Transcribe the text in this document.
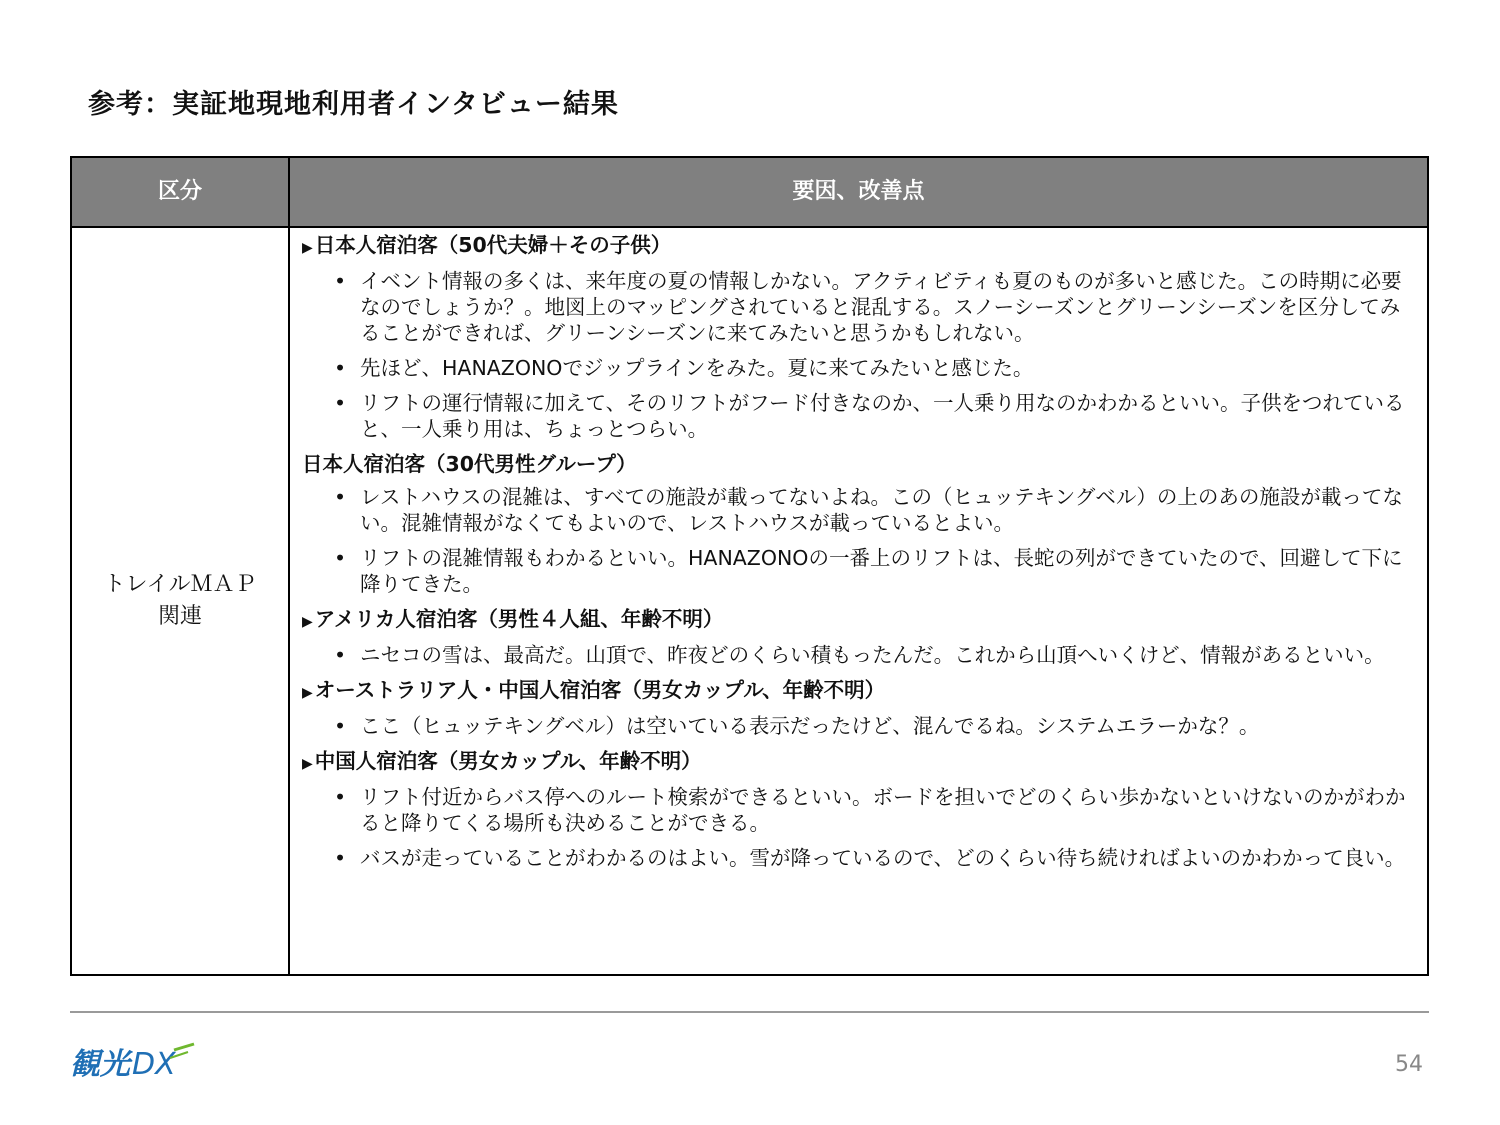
参考：実証地現地利用者インタビュー結果
区分	要因、改善点
トレイルＭＡＰ
関連
▶日本人宿泊客（50代夫婦＋その子供）
• イベント情報の多くは、来年度の夏の情報しかない。アクティビティも夏のものが多いと感じた。この時期に必要なのでしょうか？。地図上のマッピングされていると混乱する。スノーシーズンとグリーンシーズンを区分してみることができれば、グリーンシーズンに来てみたいと思うかもしれない。
• 先ほど、HANAZONOでジップラインをみた。夏に来てみたいと感じた。
• リフトの運行情報に加えて、そのリフトがフード付きなのか、一人乗り用なのかわかるといい。子供をつれていると、一人乗り用は、ちょっとつらい。
日本人宿泊客（30代男性グループ）
• レストハウスの混雑は、すべての施設が載ってないよね。この（ヒュッテキングベル）の上のあの施設が載ってない。混雑情報がなくてもよいので、レストハウスが載っているとよい。
• リフトの混雑情報もわかるといい。HANAZONOの一番上のリフトは、長蛇の列ができていたので、回避して下に降りてきた。
▶アメリカ人宿泊客（男性４人組、年齢不明）
• ニセコの雪は、最高だ。山頂で、昨夜どのくらい積もったんだ。これから山頂へいくけど、情報があるといい。
▶オーストラリア人・中国人宿泊客（男女カップル、年齢不明）
• ここ（ヒュッテキングベル）は空いている表示だったけど、混んでるね。システムエラーかな？。
▶中国人宿泊客（男女カップル、年齢不明）
• リフト付近からバス停へのルート検索ができるといい。ボードを担いでどのくらい歩かないといけないのかがわかると降りてくる場所も決めることができる。
• バスが走っていることがわかるのはよい。雪が降っているので、どのくらい待ち続ければよいのかわかって良い。
観光 DX	54
